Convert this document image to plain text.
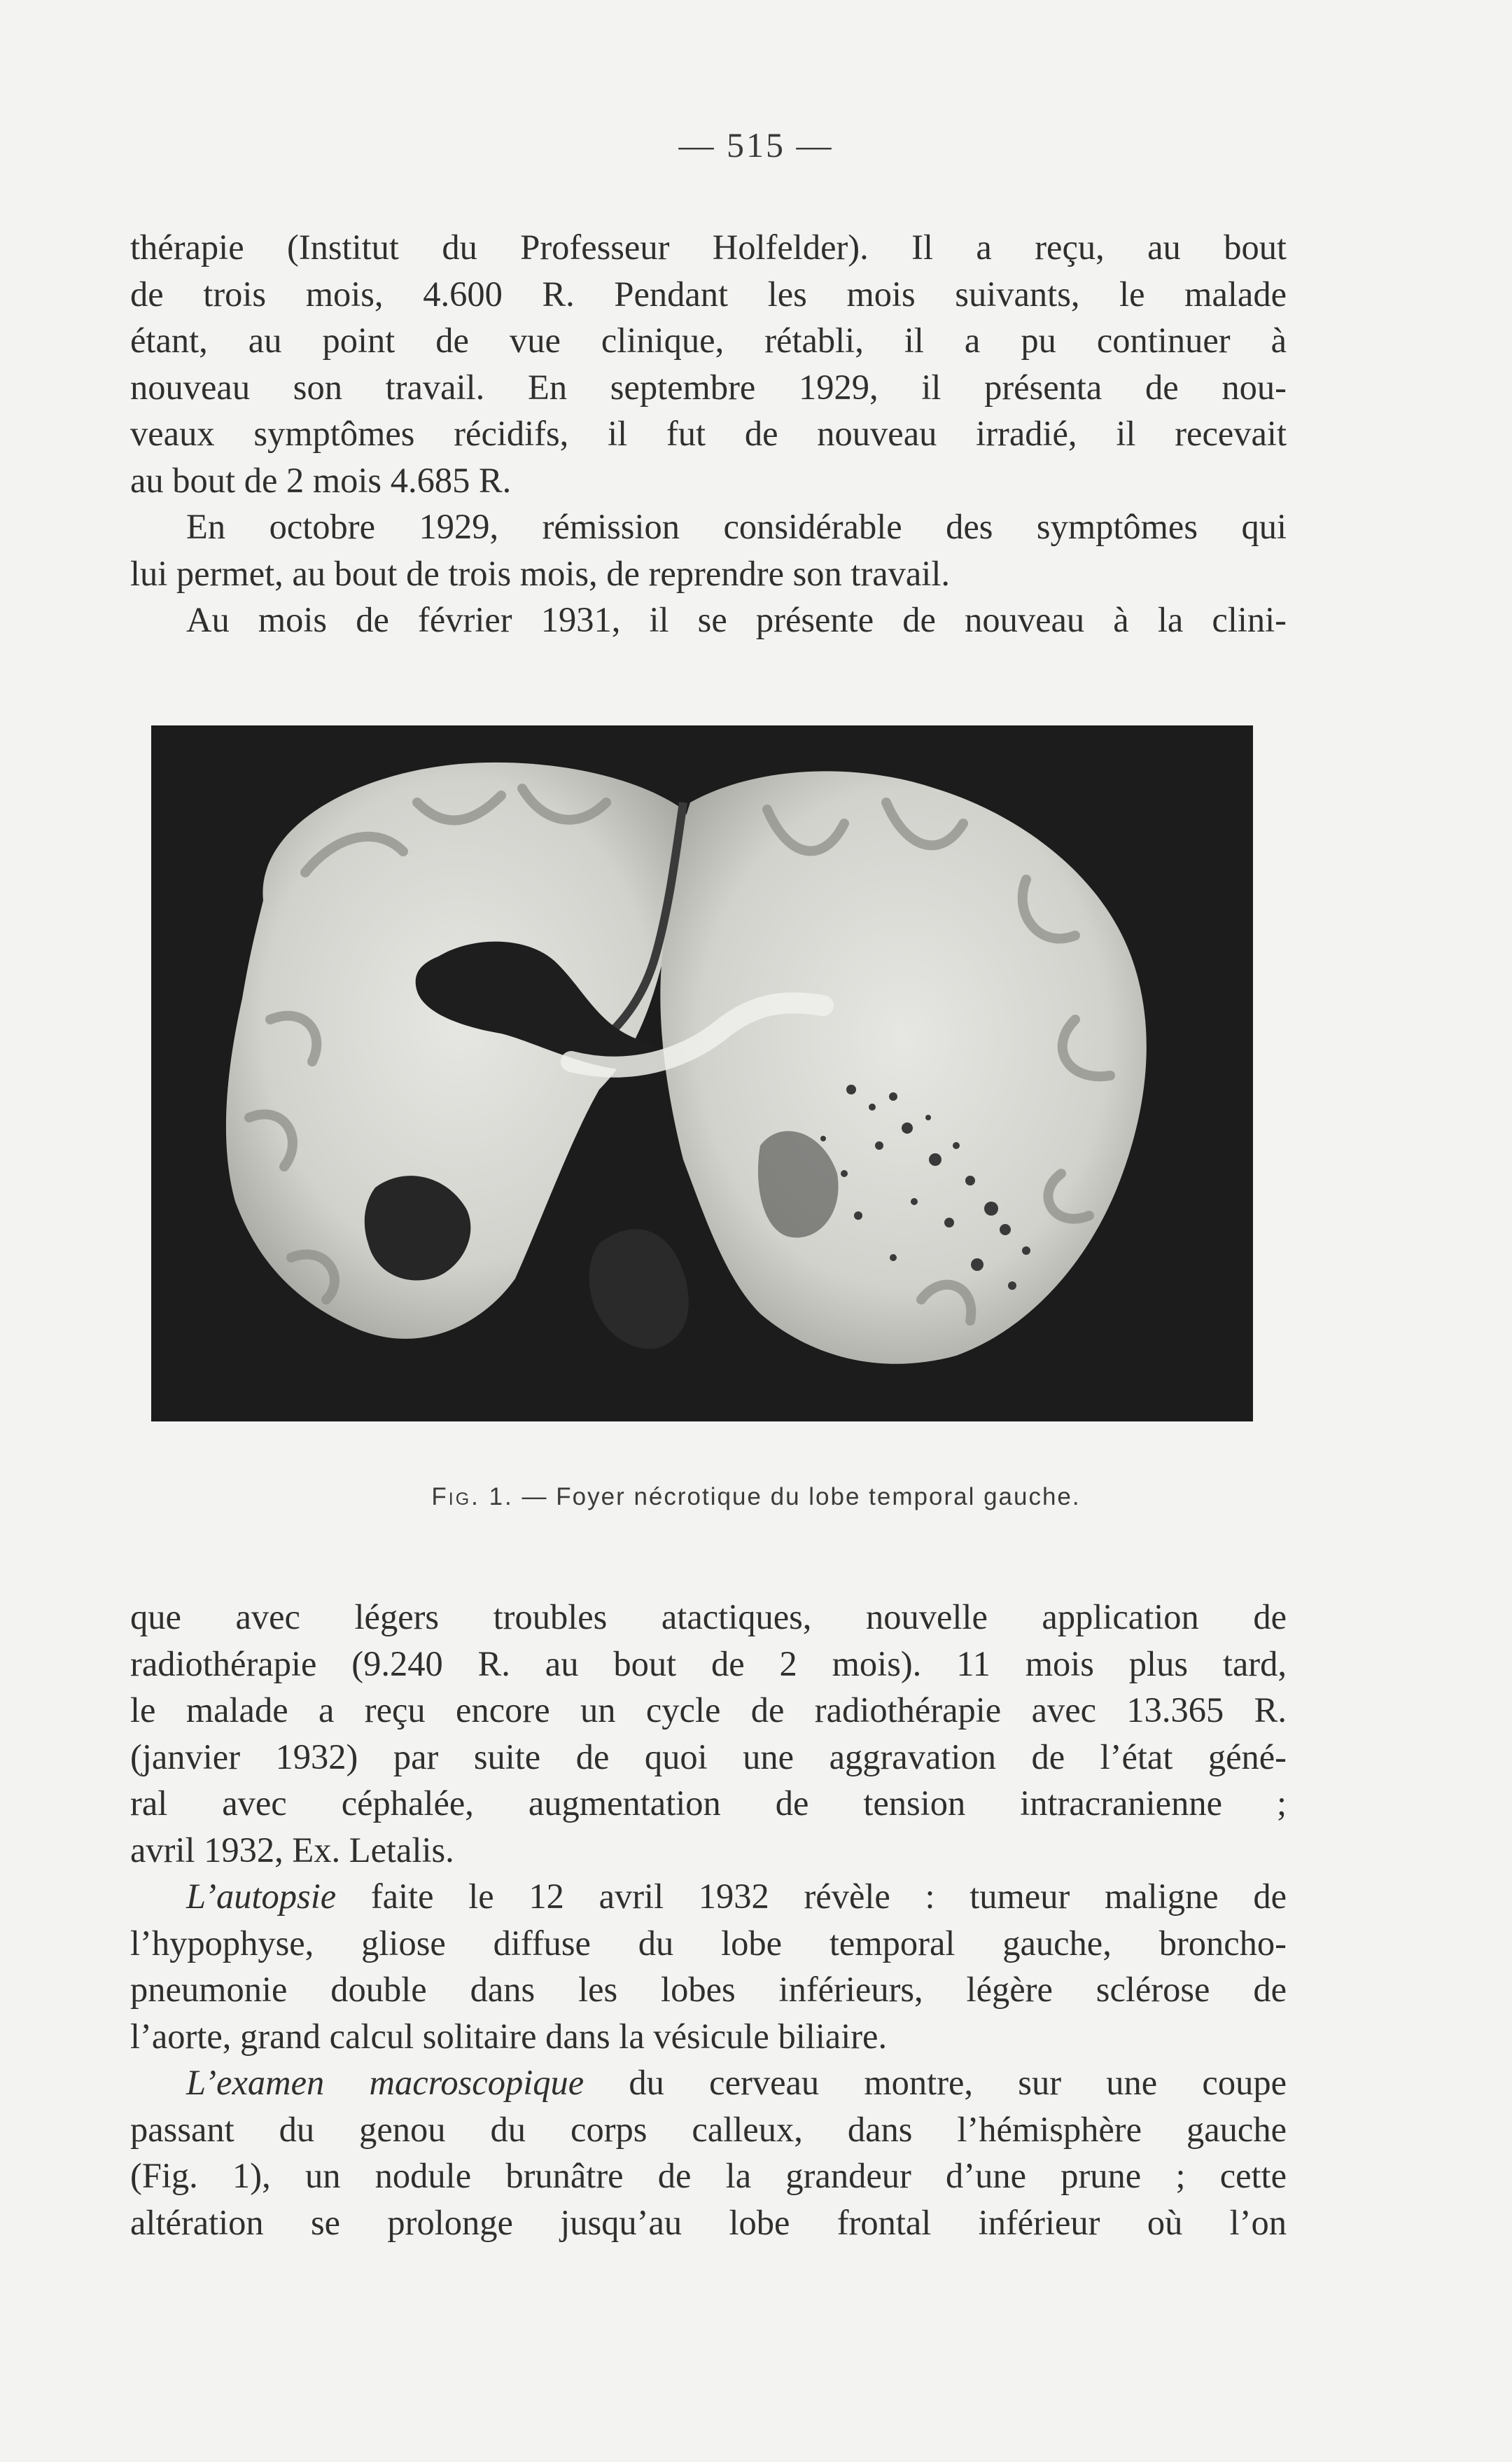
— 515 —
thérapie (Institut du Professeur Holfelder). Il a reçu, au bout
de trois mois, 4.600 R. Pendant les mois suivants, le malade
étant, au point de vue clinique, rétabli, il a pu continuer à
nouveau son travail. En septembre 1929, il présenta de nou-
veaux symptômes récidifs, il fut de nouveau irradié, il recevait
au bout de 2 mois 4.685 R.
En octobre 1929, rémission considérable des symptômes qui
lui permet, au bout de trois mois, de reprendre son travail.
Au mois de février 1931, il se présente de nouveau à la clini-
Fig. 1. — Foyer nécrotique du lobe temporal gauche.
que avec légers troubles atactiques, nouvelle application de
radiothérapie (9.240 R. au bout de 2 mois). 11 mois plus tard,
le malade a reçu encore un cycle de radiothérapie avec 13.365 R.
(janvier 1932) par suite de quoi une aggravation de l’état géné-
ral avec céphalée, augmentation de tension intracranienne ;
avril 1932, Ex. Letalis.
L’autopsie faite le 12 avril 1932 révèle : tumeur maligne de
l’hypophyse, gliose diffuse du lobe temporal gauche, broncho-
pneumonie double dans les lobes inférieurs, légère sclérose de
l’aorte, grand calcul solitaire dans la vésicule biliaire.
L’examen macroscopique du cerveau montre, sur une coupe
passant du genou du corps calleux, dans l’hémisphère gauche
(Fig. 1), un nodule brunâtre de la grandeur d’une prune ; cette
altération se prolonge jusqu’au lobe frontal inférieur où l’on
